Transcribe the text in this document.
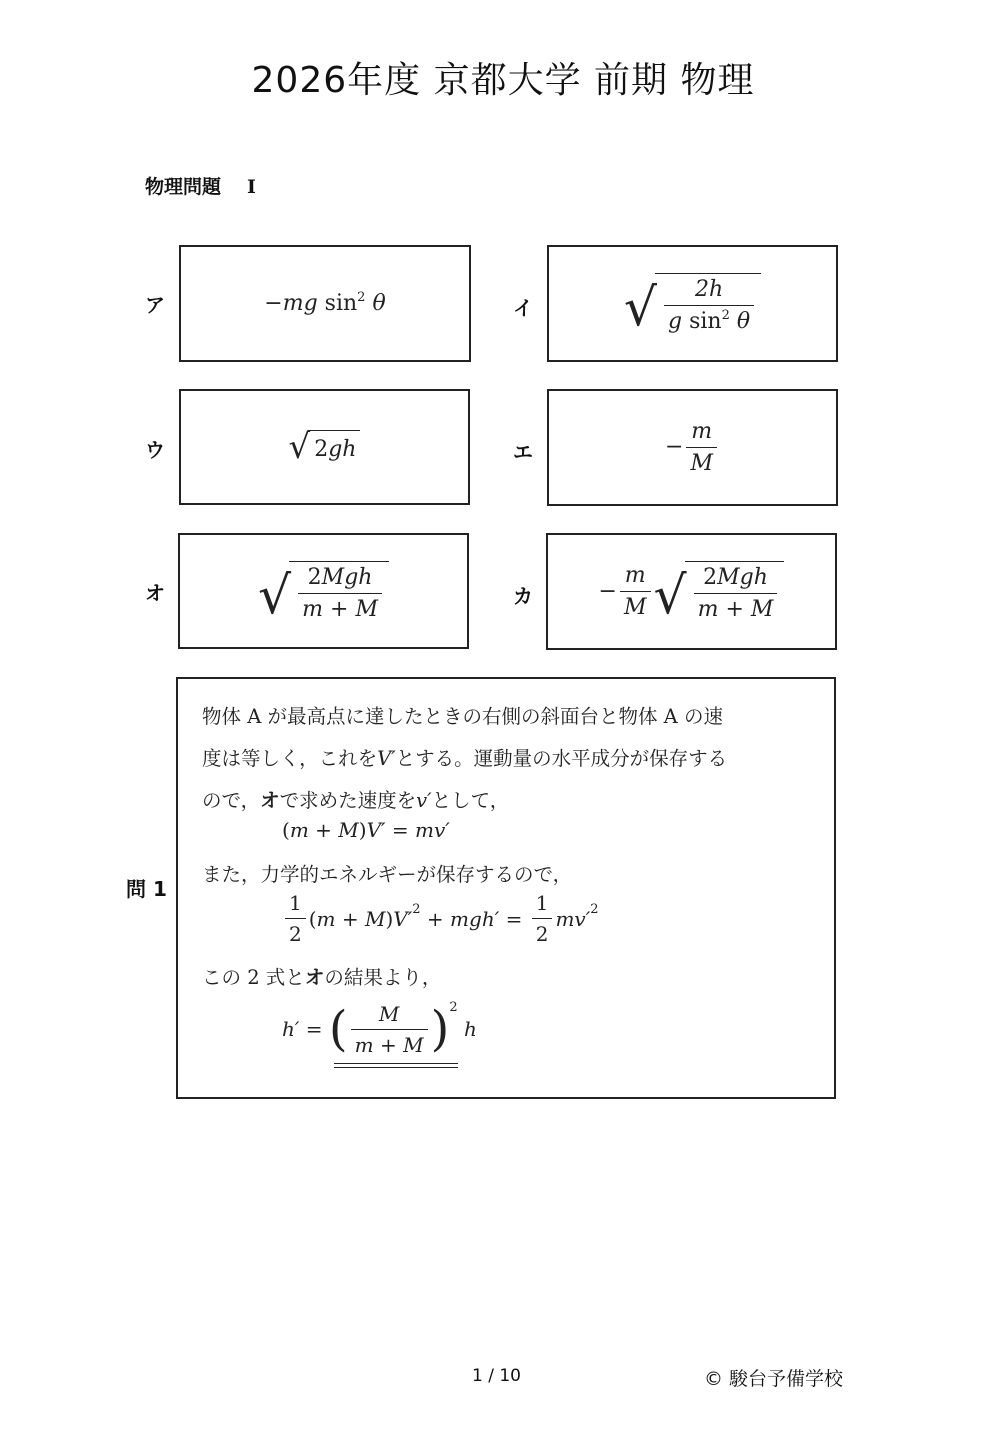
2026年度 京都大学 前期 物理
物理問題 Ⅰ
ア	−mg $\sin^2 \theta$	イ √ $\frac{2h}{g \sin^2 \theta}$
ウ	√ 2 gh	エ	− $\frac{m}{M}$
オ √ $\frac{\text{2Mgh}}{m + M}$	カ	− $\frac{m}{M}$ √ $\frac{\text{2Mgh}}{m + M}$
問 1
物体 A が最高点に達したときの右側の斜面台と物体 A の速
度は等しく，これをV′とする。運動量の水平成分が保存する
ので，オで求めた速度をv′として，
( m + M ) V′ = mv′
また，力学的エネルギーが保存するので，
$\frac{1}{2}$ ( m + M ) V′ $2 + mgh' = \frac{1}{2} mv'$ 2
この 2 式とオの結果より，
h′ = ( $\frac{M}{m + M}$ ) 2
h
1 / 10	© 駿台予備学校
